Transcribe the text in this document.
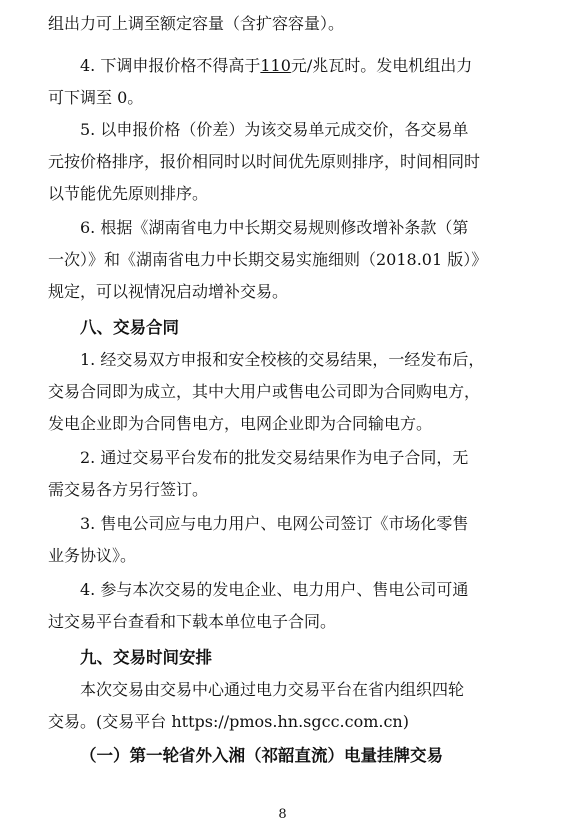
组出力可上调至额定容量（含扩容容量）。
4. 下调申报价格不得高于110元/兆瓦时。发电机组出力
可下调至 0。
5. 以申报价格（价差）为该交易单元成交价，各交易单
元按价格排序，报价相同时以时间优先原则排序，时间相同时
以节能优先原则排序。
6. 根据《湖南省电力中长期交易规则修改增补条款（第
一次）》和《湖南省电力中长期交易实施细则（2018.01 版）》
规定，可以视情况启动增补交易。
八、交易合同
1. 经交易双方申报和安全校核的交易结果，一经发布后，
交易合同即为成立，其中大用户或售电公司即为合同购电方，
发电企业即为合同售电方，电网企业即为合同输电方。
2. 通过交易平台发布的批发交易结果作为电子合同，无
需交易各方另行签订。
3. 售电公司应与电力用户、电网公司签订《市场化零售
业务协议》。
4. 参与本次交易的发电企业、电力用户、售电公司可通
过交易平台查看和下载本单位电子合同。
九、交易时间安排
本次交易由交易中心通过电力交易平台在省内组织四轮
交易。(交易平台 https://pmos.hn.sgcc.com.cn)
（一）第一轮省外入湘（祁韶直流）电量挂牌交易
8
